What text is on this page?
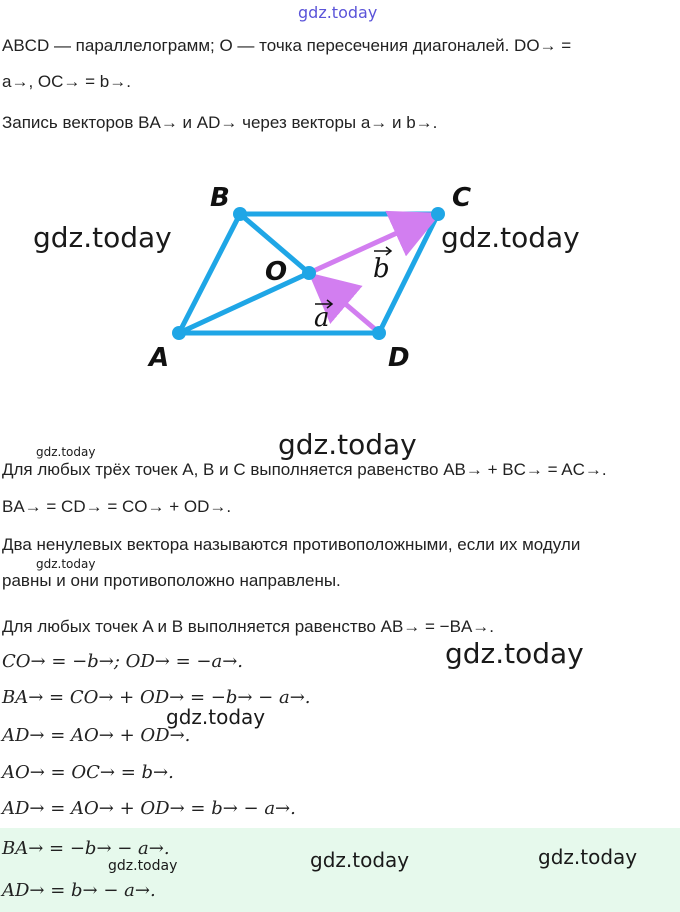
gdz.today
ABCD — параллелограмм; O — точка пересечения диагоналей. DO→ =
a→, OC→ = b→.
Запись векторов BA→ и AD→ через векторы a→ и b→.
B	C
A	D
O	b
a
gdz.today	gdz.today
gdz.today	gdz.today
Для любых трёх точек A, B и C выполняется равенство AB→ + BC→ = AC→.
BA→ = CD→ = CO→ + OD→.
Два ненулевых вектора называются противоположными, если их модули
gdz.today
равны и они противоположно направлены.
Для любых точек A и B выполняется равенство AB→ = −BA→.
gdz.today
CO→ = −b→; OD→ = −a→.
BA→ = CO→ + OD→ = −b→ − a→.
gdz.today
AD→ = AO→ + OD→.
AO→ = OC→ = b→.
AD→ = AO→ + OD→ = b→ − a→.
BA→ = −b→ − a→.	gdz.today	gdz.today
gdz.today
AD→ = b→ − a→.
